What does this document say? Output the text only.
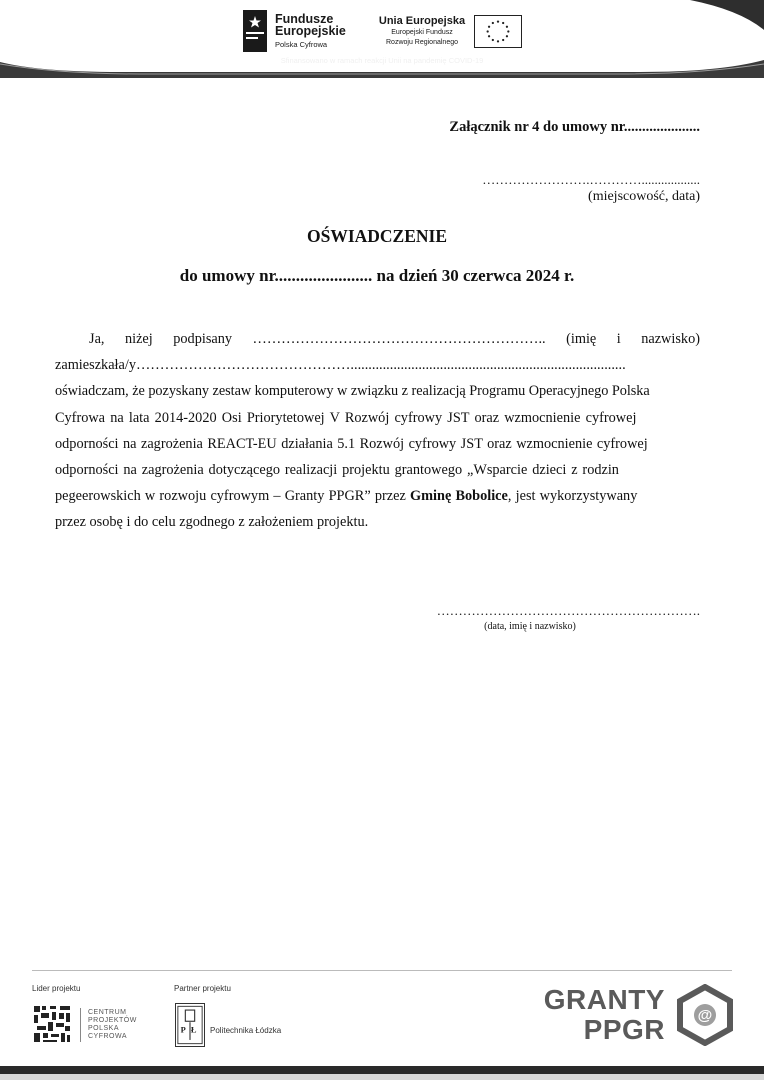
Fundusze
Europejskie
Polska Cyfrowa
Unia Europejska
Europejski Fundusz
Rozwoju Regionalnego
Sfinansowano w ramach reakcji Unii na pandemię COVID-19
Załącznik nr 4 do umowy nr.....................
…………………….…………..................
(miejscowość, data)
OŚWIADCZENIE
do umowy nr....................... na dzień 30 czerwca 2024 r.
Ja, niżej podpisany …………………………………………………….. (imię i nazwisko)
zamieszkała/y……………………………………….............................................................................
oświadczam, że pozyskany zestaw komputerowy w związku z realizacją Programu Operacyjnego Polska
Cyfrowa na lata 2014-2020 Osi Priorytetowej V Rozwój cyfrowy JST oraz wzmocnienie cyfrowej
odporności na zagrożenia REACT-EU działania 5.1 Rozwój cyfrowy JST oraz wzmocnienie cyfrowej
odporności na zagrożenia dotyczącego realizacji projektu grantowego „Wsparcie dzieci z rodzin
pegeerowskich w rozwoju cyfrowym – Granty PPGR” przez Gminę Bobolice , jest wykorzystywany
przez osobę i do celu zgodnego z założeniem projektu.
…………………………………………………….
(data, imię i nazwisko)
Lider projektu	Partner projektu
CENTRUM
PROJEKTÓW
POLSKA
CYFROWA
P Ł Politechnika Łódzka
GRANTY
PPGR @
